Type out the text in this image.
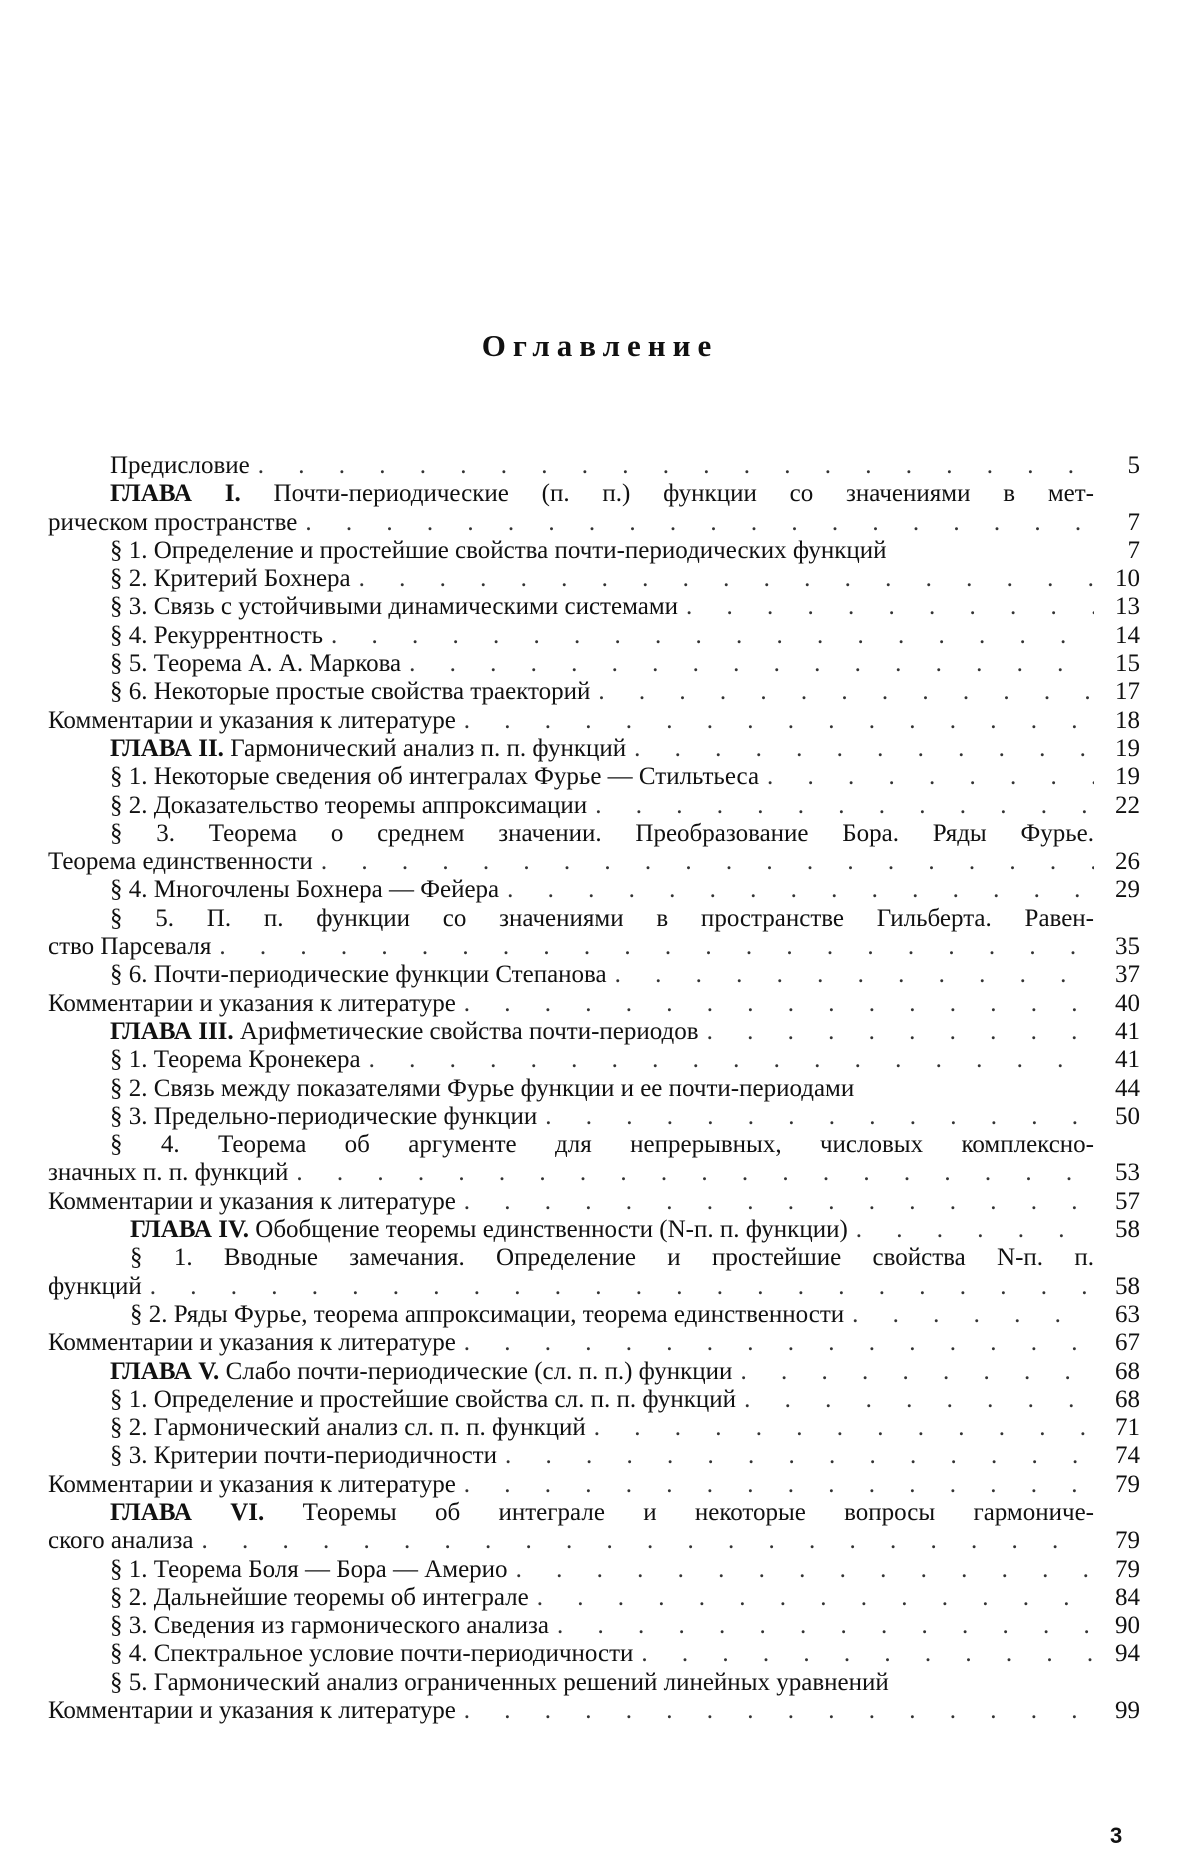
Оглавление
Предисловие . . .	5
ГЛАВА I. Почти-периодические (п. п.) функции со значениями в мет-
рическом пространстве . . .	7
§ 1. Определение и простейшие свойства почти-периодических функций	7
§ 2. Критерий Бохнера . . .	10
§ 3. Связь с устойчивыми динамическими системами . . .	13
§ 4. Рекуррентность . . .	14
§ 5. Теорема А. А. Маркова . . .	15
§ 6. Некоторые простые свойства траекторий . . .	17
Комментарии и указания к литературе . . .	18
ГЛАВА II. Гармонический анализ п. п. функций . . .	19
§ 1. Некоторые сведения об интегралах Фурье — Стильтьеса . . .	19
§ 2. Доказательство теоремы аппроксимации . . .	22
§ 3. Теорема о среднем значении. Преобразование Бора. Ряды Фурье.
Теорема единственности . . .	26
§ 4. Многочлены Бохнера — Фейера . . .	29
§ 5. П. п. функции со значениями в пространстве Гильберта. Равен-
ство Парсеваля . . .	35
§ 6. Почти-периодические функции Степанова . . .	37
Комментарии и указания к литературе . . .	40
ГЛАВА III. Арифметические свойства почти-периодов . . .	41
§ 1. Теорема Кронекера . . .	41
§ 2. Связь между показателями Фурье функции и ее почти-периодами	44
§ 3. Предельно-периодические функции . . .	50
§ 4. Теорема об аргументе для непрерывных, числовых комплексно-
значных п. п. функций . . .	53
Комментарии и указания к литературе . . .	57
ГЛАВА IV. Обобщение теоремы единственности (N-п. п. функции) . . .	58
§ 1. Вводные замечания. Определение и простейшие свойства N-п. п.
функций . . .	58
§ 2. Ряды Фурье, теорема аппроксимации, теорема единственности . . .	63
Комментарии и указания к литературе . . .	67
ГЛАВА V. Слабо почти-периодические (сл. п. п.) функции . . .	68
§ 1. Определение и простейшие свойства сл. п. п. функций . . .	68
§ 2. Гармонический анализ сл. п. п. функций . . .	71
§ 3. Критерии почти-периодичности . . .	74
Комментарии и указания к литературе . . .	79
ГЛАВА VI. Теоремы об интеграле и некоторые вопросы гармониче-
ского анализа . . .	79
§ 1. Теорема Боля — Бора — Америо . . .	79
§ 2. Дальнейшие теоремы об интеграле . . .	84
§ 3. Сведения из гармонического анализа . . .	90
§ 4. Спектральное условие почти-периодичности . . .	94
§ 5. Гармонический анализ ограниченных решений линейных уравнений
Комментарии и указания к литературе . . .	99
3
